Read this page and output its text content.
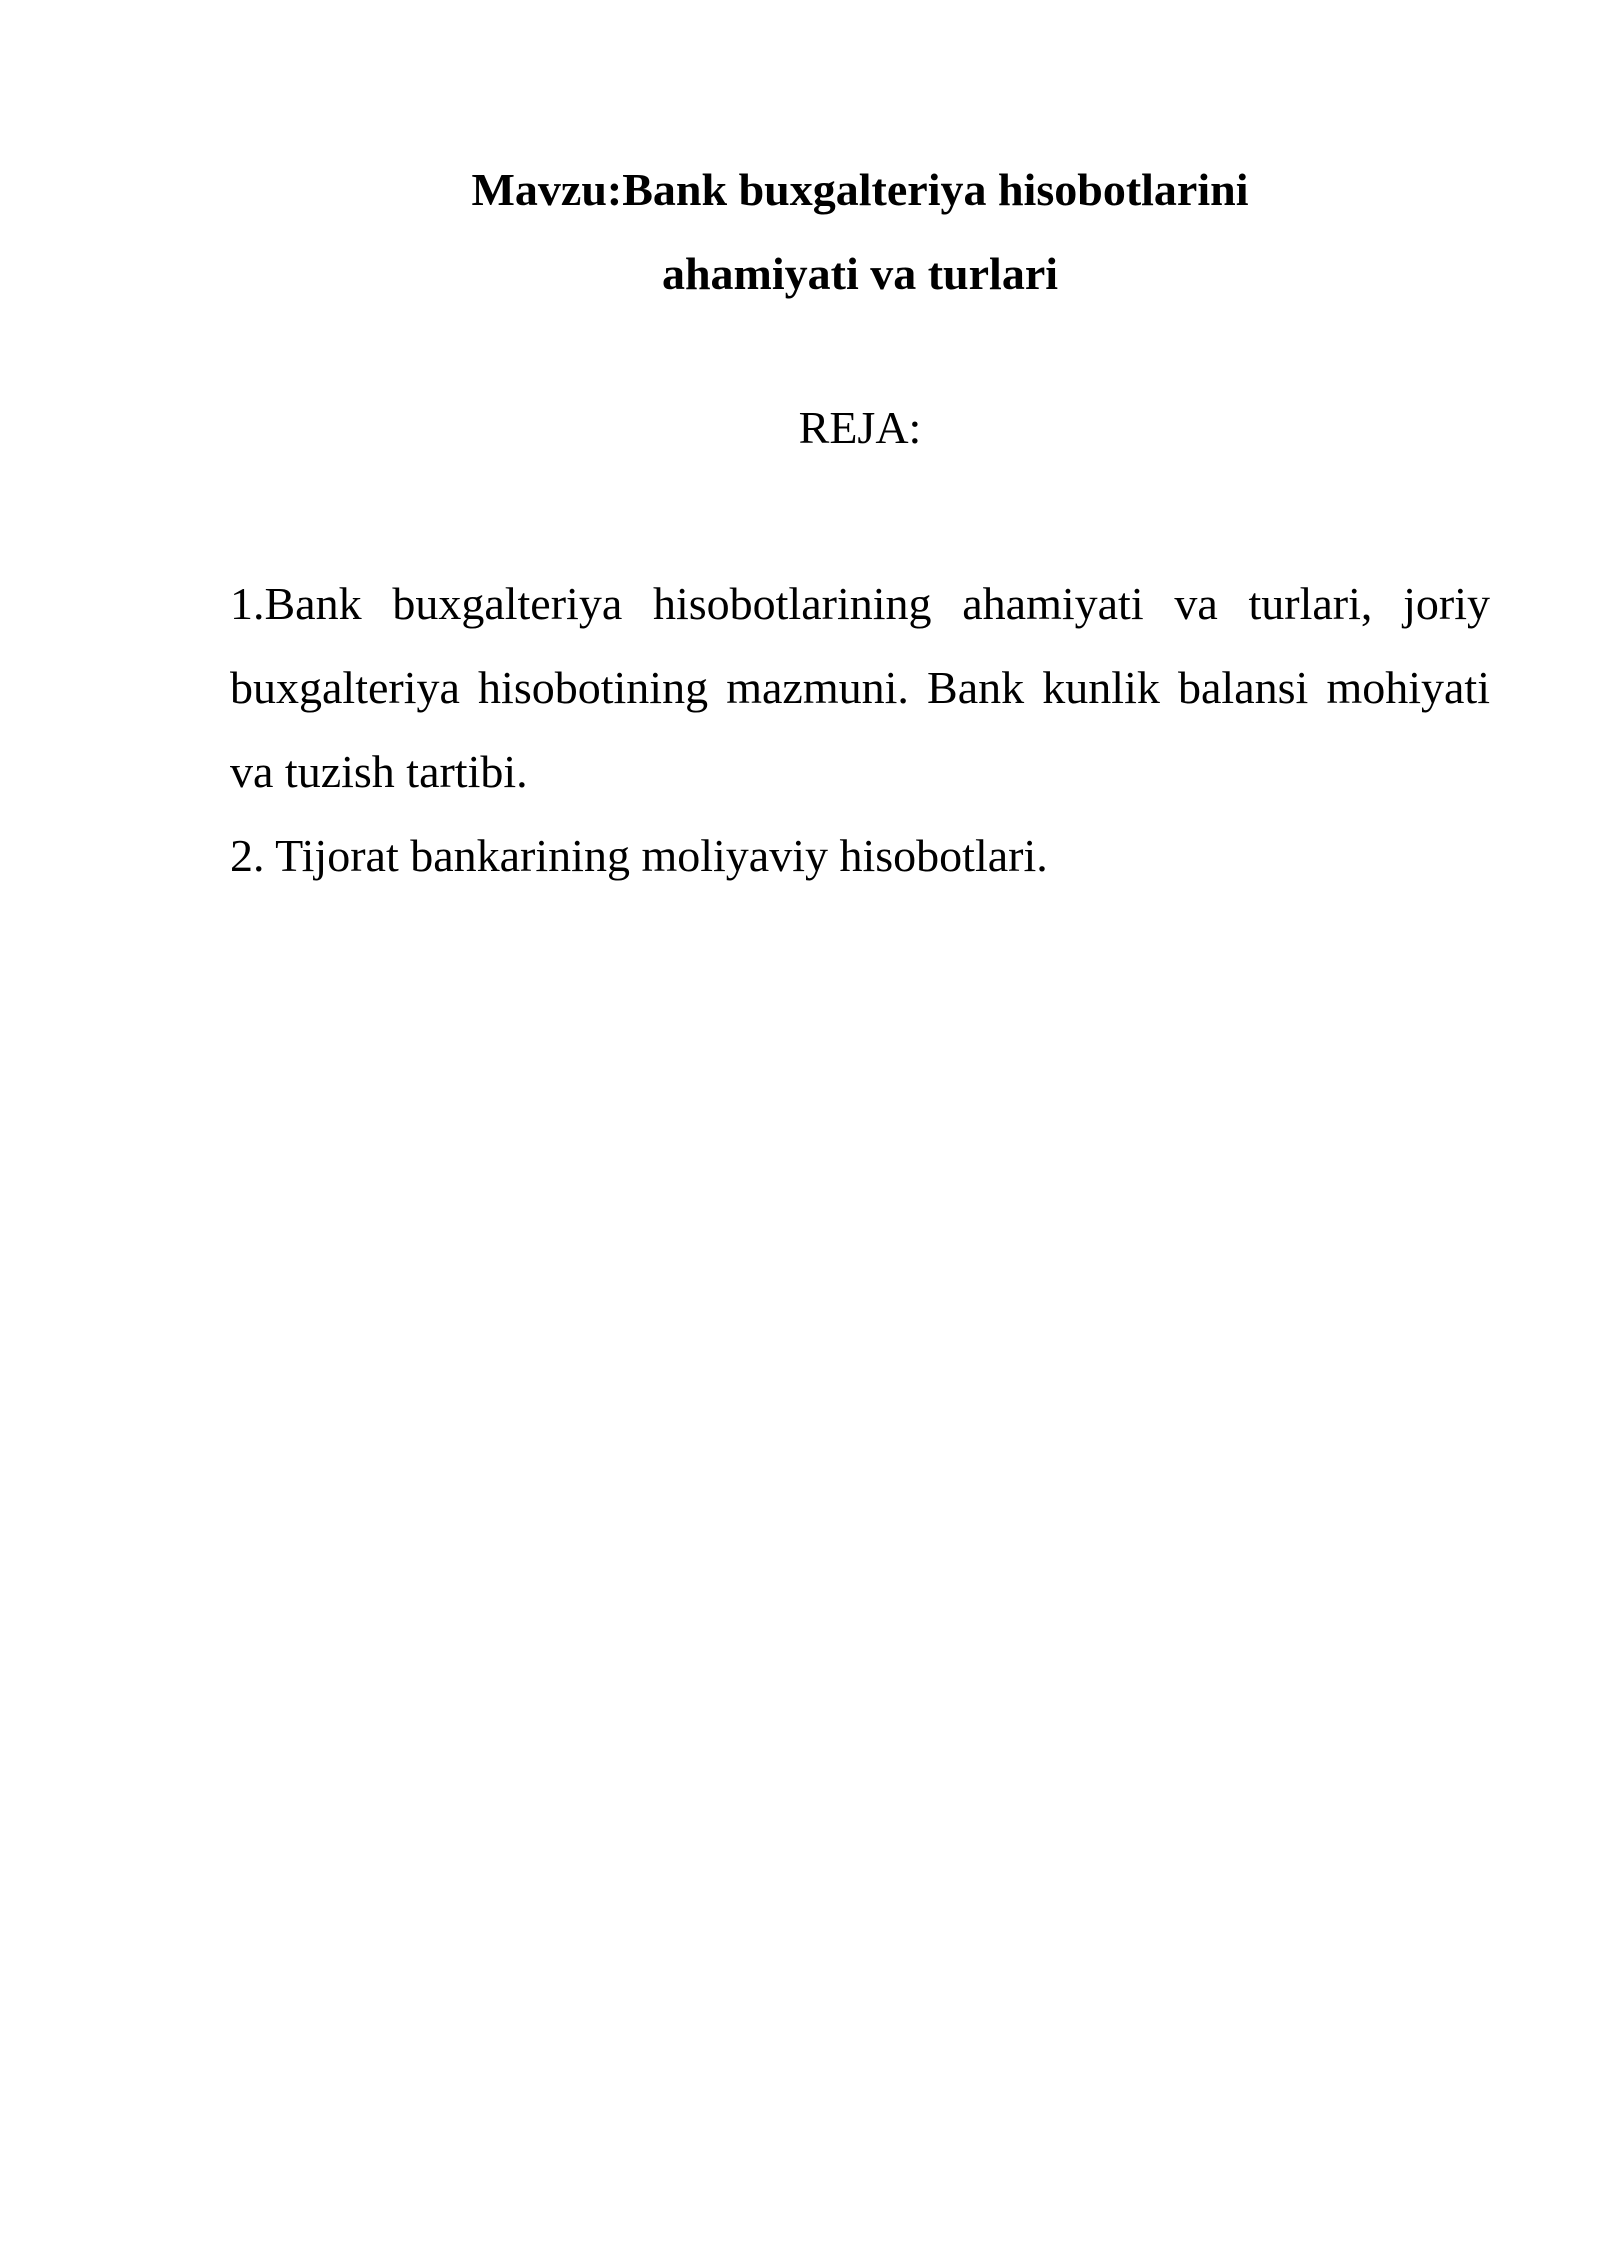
Mavzu:Bank buxgalteriya hisobotlarini

ahamiyati va turlari

REJA:

1.Bank buxgalteriya hisobotlarining ahamiyati va turlari, joriy buxgalteriya hisobotining mazmuni. Bank kunlik balansi mohiyati va tuzish tartibi.

2. Tijorat bankarining moliyaviy hisobotlari.
